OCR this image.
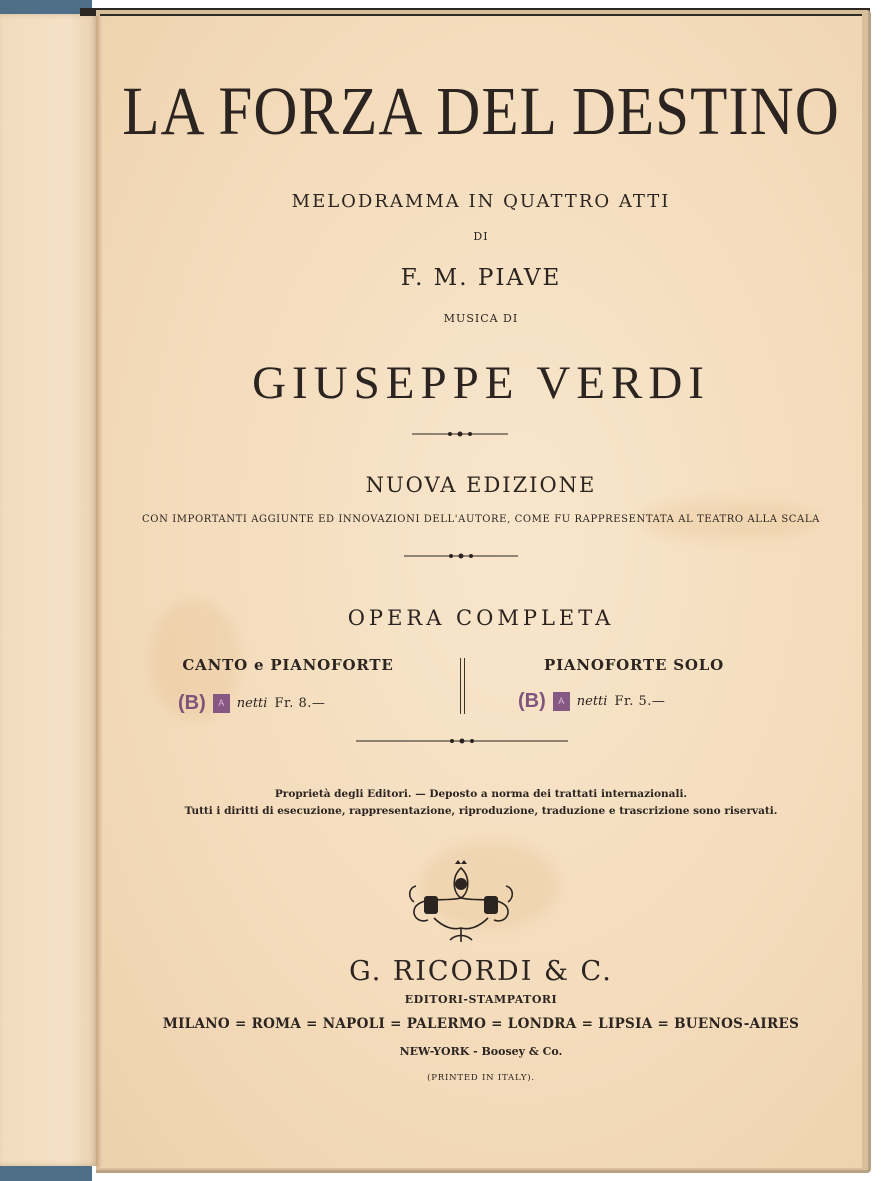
LA FORZA DEL DESTINO
MELODRAMMA IN QUATTRO ATTI
DI
F. M. PIAVE
MUSICA DI
GIUSEPPE VERDI
NUOVA EDIZIONE
CON IMPORTANTI AGGIUNTE ED INNOVAZIONI DELL'AUTORE, COME FU RAPPRESENTATA AL TEATRO ALLA SCALA
OPERA COMPLETA
CANTO e PIANOFORTE
(B)	A netti Fr. 8.—
PIANOFORTE SOLO
(B)	A netti Fr. 5.—
Proprietà degli Editori. — Deposto a norma dei trattati internazionali.
Tutti i diritti di esecuzione, rappresentazione, riproduzione, traduzione e trascrizione sono riservati.
G. RICORDI & C.
EDITORI-STAMPATORI
MILANO = ROMA = NAPOLI = PALERMO = LONDRA = LIPSIA = BUENOS-AIRES
NEW-YORK - Boosey & Co.
(PRINTED IN ITALY).
